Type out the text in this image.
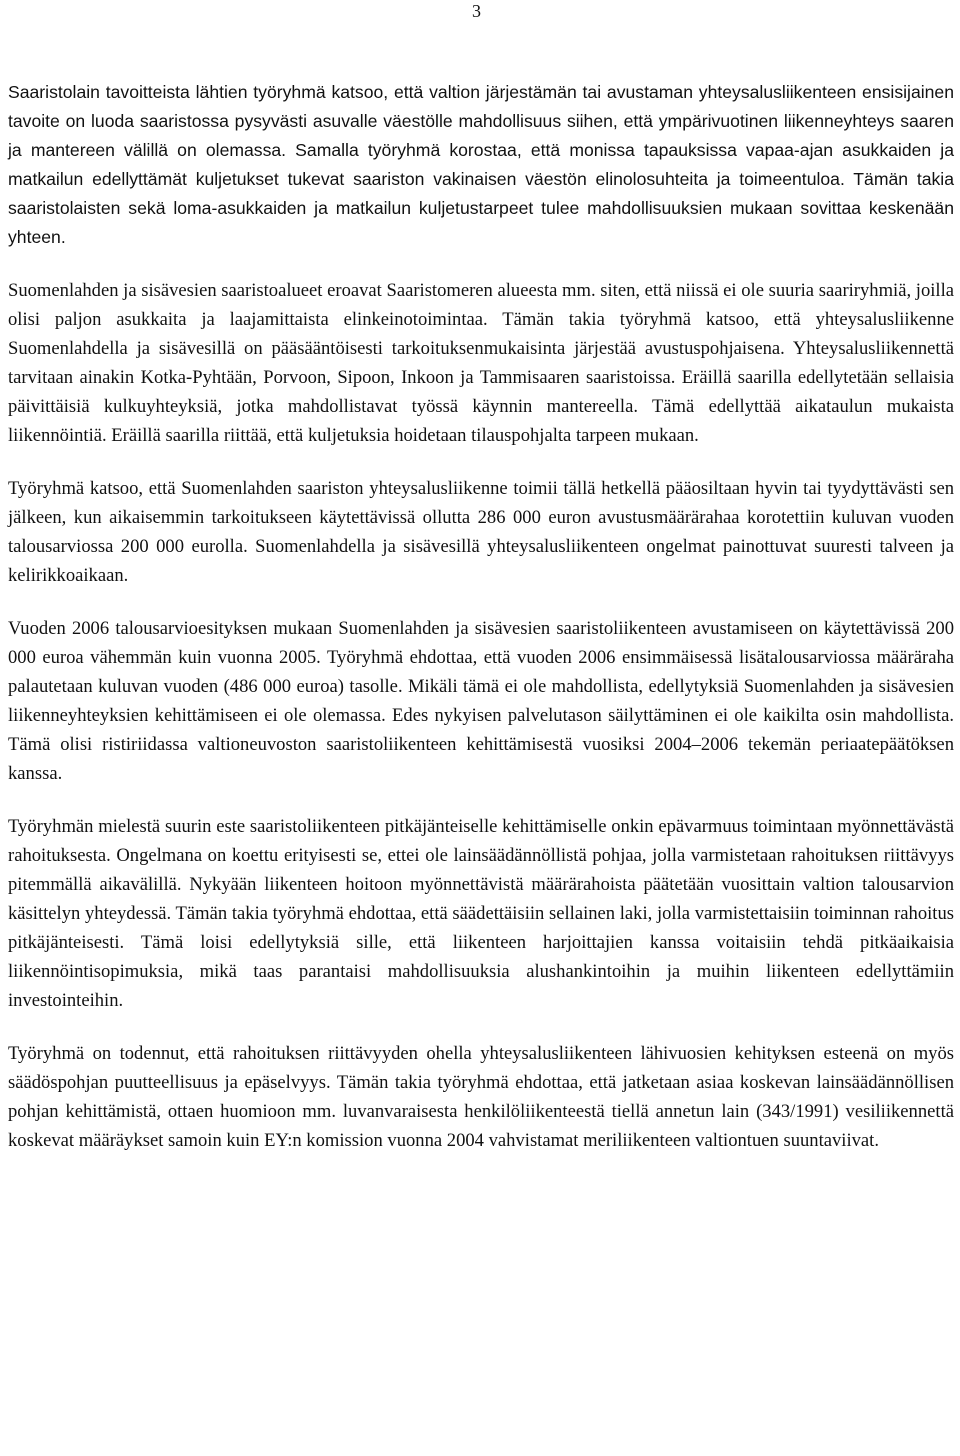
3

Saaristolain tavoitteista lähtien työryhmä katsoo, että valtion järjestämän tai avustaman yhteysalusliikenteen ensisijainen tavoite on luoda saaristossa pysyvästi asuvalle väestölle mahdollisuus siihen, että ympärivuotinen liikenneyhteys saaren ja mantereen välillä on olemassa. Samalla työryhmä korostaa, että monissa tapauksissa vapaa-ajan asukkaiden ja matkailun edellyttämät kuljetukset tukevat saariston vakinaisen väestön elinolosuhteita ja toimeentuloa. Tämän takia saaristolaisten sekä loma-asukkaiden ja matkailun kuljetustarpeet tulee mahdollisuuksien mukaan sovittaa keskenään yhteen.

Suomenlahden ja sisävesien saaristoalueet eroavat Saaristomeren alueesta mm. siten, että niissä ei ole suuria saariryhmiä, joilla olisi paljon asukkaita ja laajamittaista elinkeinotoimintaa. Tämän takia työryhmä katsoo, että yhteysalusliikenne Suomenlahdella ja sisävesillä on pääsääntöisesti tarkoituksenmukaisinta järjestää avustuspohjaisena. Yhteysalusliikennettä tarvitaan ainakin Kotka-Pyhtään, Porvoon, Sipoon, Inkoon ja Tammisaaren saaristoissa. Eräillä saarilla edellytetään sellaisia päivittäisiä kulkuyhteyksiä, jotka mahdollistavat työssä käynnin mantereella. Tämä edellyttää aikataulun mukaista liikennöintiä. Eräillä saarilla riittää, että kuljetuksia hoidetaan tilauspohjalta tarpeen mukaan.

Työryhmä katsoo, että Suomenlahden saariston yhteysalusliikenne toimii tällä hetkellä pääosiltaan hyvin tai tyydyttävästi sen jälkeen, kun aikaisemmin tarkoitukseen käytettävissä ollutta 286 000 euron avustusmäärärahaa korotettiin kuluvan vuoden talousarviossa 200 000 eurolla. Suomenlahdella ja sisävesillä yhteysalusliikenteen ongelmat painottuvat suuresti talveen ja kelirikkoaikaan.

Vuoden 2006 talousarvioesityksen mukaan Suomenlahden ja sisävesien saaristoliikenteen avustamiseen on käytettävissä 200 000 euroa vähemmän kuin vuonna 2005. Työryhmä ehdottaa, että vuoden 2006 ensimmäisessä lisätalousarviossa määräraha palautetaan kuluvan vuoden (486 000 euroa) tasolle. Mikäli tämä ei ole mahdollista, edellytyksiä Suomenlahden ja sisävesien liikenneyhteyksien kehittämiseen ei ole olemassa. Edes nykyisen palvelutason säilyttäminen ei ole kaikilta osin mahdollista. Tämä olisi ristiriidassa valtioneuvoston saaristoliikenteen kehittämisestä vuosiksi 2004–2006 tekemän periaatepäätöksen kanssa.

Työryhmän mielestä suurin este saaristoliikenteen pitkäjänteiselle kehittämiselle onkin epävarmuus toimintaan myönnettävästä rahoituksesta. Ongelmana on koettu erityisesti se, ettei ole lainsäädännöllistä pohjaa, jolla varmistetaan rahoituksen riittävyys pitemmällä aikavälillä. Nykyään liikenteen hoitoon myönnettävistä määrärahoista päätetään vuosittain valtion talousarvion käsittelyn yhteydessä. Tämän takia työryhmä ehdottaa, että säädettäisiin sellainen laki, jolla varmistettaisiin toiminnan rahoitus pitkäjänteisesti. Tämä loisi edellytyksiä sille, että liikenteen harjoittajien kanssa voitaisiin tehdä pitkäaikaisia liikennöintisopimuksia, mikä taas parantaisi mahdollisuuksia alushankintoihin ja muihin liikenteen edellyttämiin investointeihin.

Työryhmä on todennut, että rahoituksen riittävyyden ohella yhteysalusliikenteen lähivuosien kehityksen esteenä on myös säädöspohjan puutteellisuus ja epäselvyys. Tämän takia työryhmä ehdottaa, että jatketaan asiaa koskevan lainsäädännöllisen pohjan kehittämistä, ottaen huomioon mm. luvanvaraisesta henkilöliikenteestä tiellä annetun lain (343/1991) vesiliikennettä koskevat määräykset samoin kuin EY:n komission vuonna 2004 vahvistamat meriliikenteen valtiontuen suuntaviivat.
